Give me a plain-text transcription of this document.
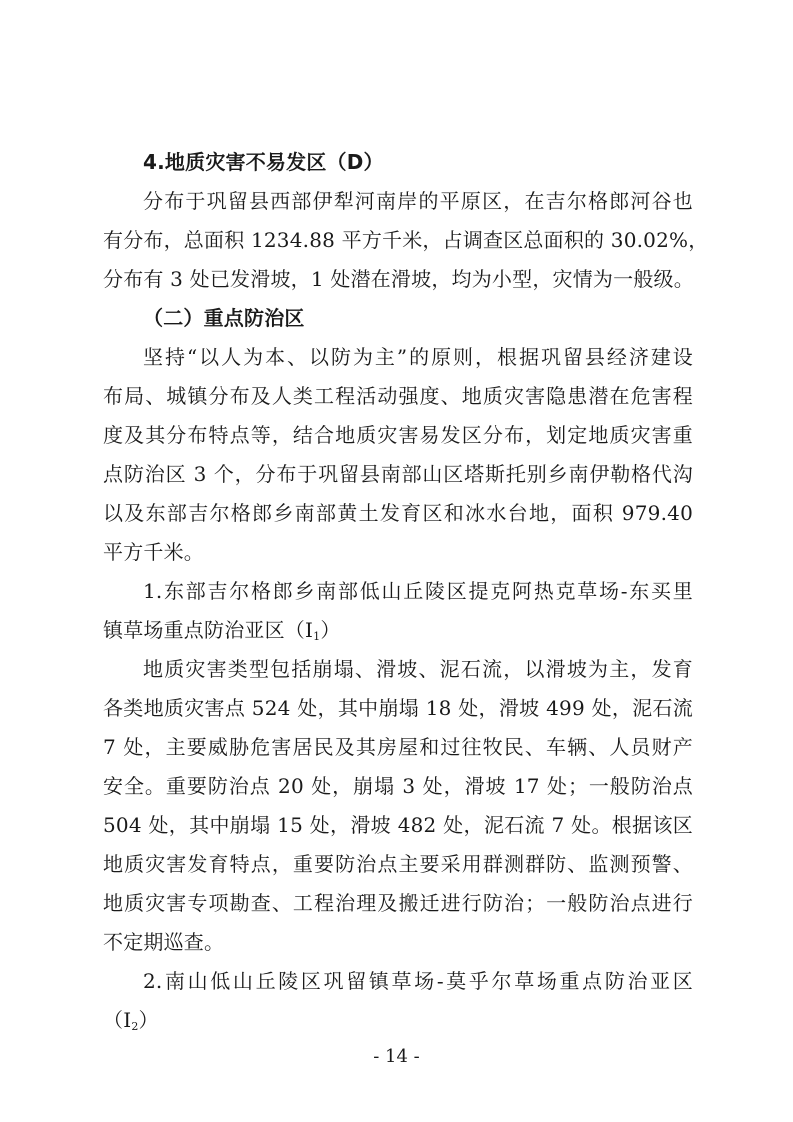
4.地质灾害不易发区（D）
分布于巩留县西部伊犁河南岸的平原区，在吉尔格郎河谷也
有分布，总面积 1234.88 平方千米，占调查区总面积的 30.02%，
分布有 3 处已发滑坡，1 处潜在滑坡，均为小型，灾情为一般级。
（二）重点防治区
坚持“以人为本、以防为主”的原则，根据巩留县经济建设
布局、城镇分布及人类工程活动强度、地质灾害隐患潜在危害程
度及其分布特点等，结合地质灾害易发区分布，划定地质灾害重
点防治区 3 个，分布于巩留县南部山区塔斯托别乡南伊勒格代沟
以及东部吉尔格郎乡南部黄土发育区和冰水台地，面积 979.40
平方千米。
1.东部吉尔格郎乡南部低山丘陵区提克阿热克草场-东买里
镇草场重点防治亚区$(Ⅰ_1)$
地质灾害类型包括崩塌、滑坡、泥石流，以滑坡为主，发育
各类地质灾害点 524 处，其中崩塌 18 处，滑坡 499 处，泥石流
7 处，主要威胁危害居民及其房屋和过往牧民、车辆、人员财产
安全。重要防治点 20 处，崩塌 3 处，滑坡 17 处；一般防治点
504 处，其中崩塌 15 处，滑坡 482 处，泥石流 7 处。根据该区
地质灾害发育特点，重要防治点主要采用群测群防、监测预警、
地质灾害专项勘查、工程治理及搬迁进行防治；一般防治点进行
不定期巡查。
2.南山低山丘陵区巩留镇草场-莫乎尔草场重点防治亚区
$(Ⅰ_2)$
- 14 -
